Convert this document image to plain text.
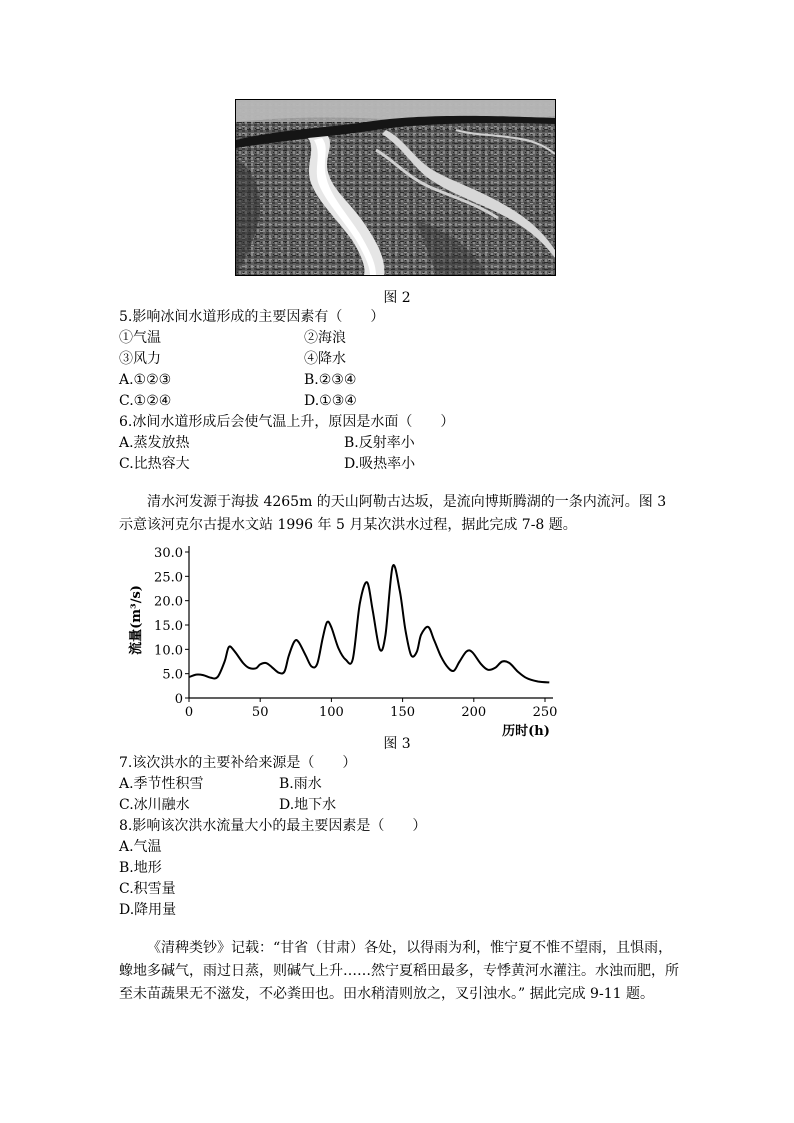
图 2
5.影响冰间水道形成的主要因素有（　　）
①气温	②海浪
③风力	④降水
A.①②③	B.②③④
C.①②④	D.①③④
6.冰间水道形成后会使气温上升，原因是水面（　　）
A.蒸发放热	B.反射率小
C.比热容大	D.吸热率小

清水河发源于海拔 4265m 的天山阿勒古达坂，是流向博斯腾湖的一条内流河。图 3 示意该河克尔古提水文站 1996 年 5 月某次洪水过程，据此完成 7-8 题。

0
5.0
10.0
15.0
20.0
25.0
30.0
0	50	100	150	200	250
流量(m³/s)
历时(h)
图 3
7.该次洪水的主要补给来源是（　　）
A.季节性积雪	B.雨水
C.冰川融水	D.地下水
8.影响该次洪水流量大小的最主要因素是（　　）
A.气温
B.地形
C.积雪量
D.降用量

《清稗类钞》记载：“甘省（甘肃）各处，以得雨为利，惟宁夏不惟不望雨，且惧雨，蟓地多碱气，雨过日蒸，则碱气上升……然宁夏稻田最多，专悸黄河水灌注。水浊而肥，所至未苗蔬果无不滋发，不必粪田也。田水稍清则放之，叉引浊水。” 据此完成 9-11 题。
